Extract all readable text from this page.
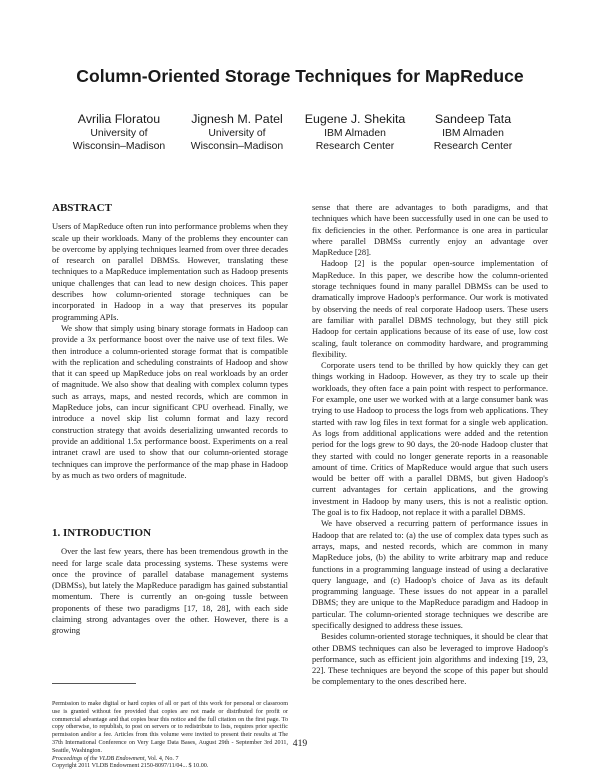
Column-Oriented Storage Techniques for MapReduce
Avrilia Floratou
University of
Wisconsin–Madison
Jignesh M. Patel
University of
Wisconsin–Madison
Eugene J. Shekita
IBM Almaden
Research Center
Sandeep Tata
IBM Almaden
Research Center
ABSTRACT

Users of MapReduce often run into performance problems when they scale up their workloads. Many of the problems they encounter can be overcome by applying techniques learned from over three decades of research on parallel DBMSs. However, translating these techniques to a MapReduce implementation such as Hadoop presents unique challenges that can lead to new design choices. This paper describes how column-oriented storage techniques can be incorporated in Hadoop in a way that preserves its popular programming APIs.

We show that simply using binary storage formats in Hadoop can provide a 3x performance boost over the naive use of text files. We then introduce a column-oriented storage format that is compatible with the replication and scheduling constraints of Hadoop and show that it can speed up MapReduce jobs on real workloads by an order of magnitude. We also show that dealing with complex column types such as arrays, maps, and nested records, which are common in MapReduce jobs, can incur significant CPU overhead. Finally, we introduce a novel skip list column format and lazy record construction strategy that avoids deserializing unwanted records to provide an additional 1.5x performance boost. Experiments on a real intranet crawl are used to show that our column-oriented storage techniques can improve the performance of the map phase in Hadoop by as much as two orders of magnitude.

1. INTRODUCTION

Over the last few years, there has been tremendous growth in the need for large scale data processing systems. These systems were once the province of parallel database management systems (DBMSs), but lately the MapReduce paradigm has gained substantial momentum. There is currently an on-going tussle between proponents of these two paradigms [17, 18, 28], with each side claiming strong advantages over the other. However, there is a growing

sense that there are advantages to both paradigms, and that techniques which have been successfully used in one can be used to fix deficiencies in the other. Performance is one area in particular where parallel DBMSs currently enjoy an advantage over MapReduce [28].

Hadoop [2] is the popular open-source implementation of MapReduce. In this paper, we describe how the column-oriented storage techniques found in many parallel DBMSs can be used to dramatically improve Hadoop's performance. Our work is motivated by observing the needs of real corporate Hadoop users. These users are familiar with parallel DBMS technology, but they still pick Hadoop for certain applications because of its ease of use, low cost scaling, fault tolerance on commodity hardware, and programming flexibility.

Corporate users tend to be thrilled by how quickly they can get things working in Hadoop. However, as they try to scale up their workloads, they often face a pain point with respect to performance. For example, one user we worked with at a large consumer bank was trying to use Hadoop to process the logs from web applications. They started with raw log files in text format for a single web application. As logs from additional applications were added and the retention period for the logs grew to 90 days, the 20-node Hadoop cluster that they started with could no longer generate reports in a reasonable amount of time. Critics of MapReduce would argue that such users would be better off with a parallel DBMS, but given Hadoop's current advantages for certain applications, and the growing investment in Hadoop by many users, this is not a realistic option. The goal is to fix Hadoop, not replace it with a parallel DBMS.

We have observed a recurring pattern of performance issues in Hadoop that are related to: (a) the use of complex data types such as arrays, maps, and nested records, which are common in many MapReduce jobs, (b) the ability to write arbitrary map and reduce functions in a programming language instead of using a declarative query language, and (c) Hadoop's choice of Java as its default programming language. These issues do not appear in a parallel DBMS; they are unique to the MapReduce paradigm and Hadoop in particular. The column-oriented storage techniques we describe are specifically designed to address these issues.

Besides column-oriented storage techniques, it should be clear that other DBMS techniques can also be leveraged to improve Hadoop's performance, such as efficient join algorithms and indexing [19, 23, 22]. These techniques are beyond the scope of this paper but should be complementary to the ones described here.

Permission to make digital or hard copies of all or part of this work for personal or classroom use is granted without fee provided that copies are not made or distributed for profit or commercial advantage and that copies bear this notice and the full citation on the first page. To copy otherwise, to republish, to post on servers or to redistribute to lists, requires prior specific permission and/or a fee. Articles from this volume were invited to present their results at The 37th International Conference on Very Large Data Bases, August 29th - September 3rd 2011, Seattle, Washington.
Proceedings of the VLDB Endowment, Vol. 4, No. 7
Copyright 2011 VLDB Endowment 2150-8097/11/04... $ 10.00.
419
